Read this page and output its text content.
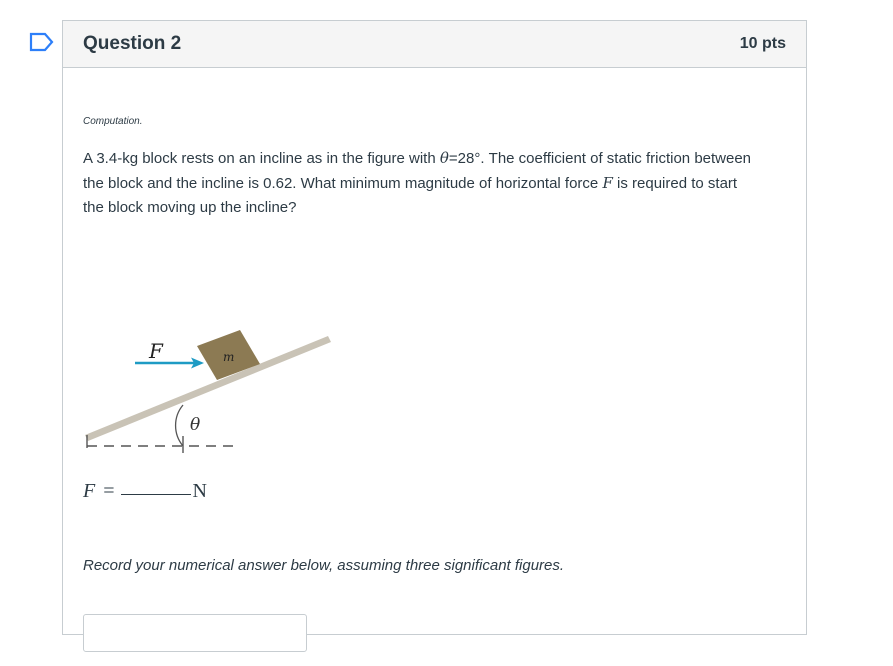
Question 2	10 pts
Computation.
A 3.4-kg block rests on an incline as in the figure with θ=28°. The coefficient of static friction between the block and the incline is 0.62. What minimum magnitude of horizontal force F is required to start the block moving up the incline?
θ
m
F
F =	N
Record your numerical answer below, assuming three significant figures.
